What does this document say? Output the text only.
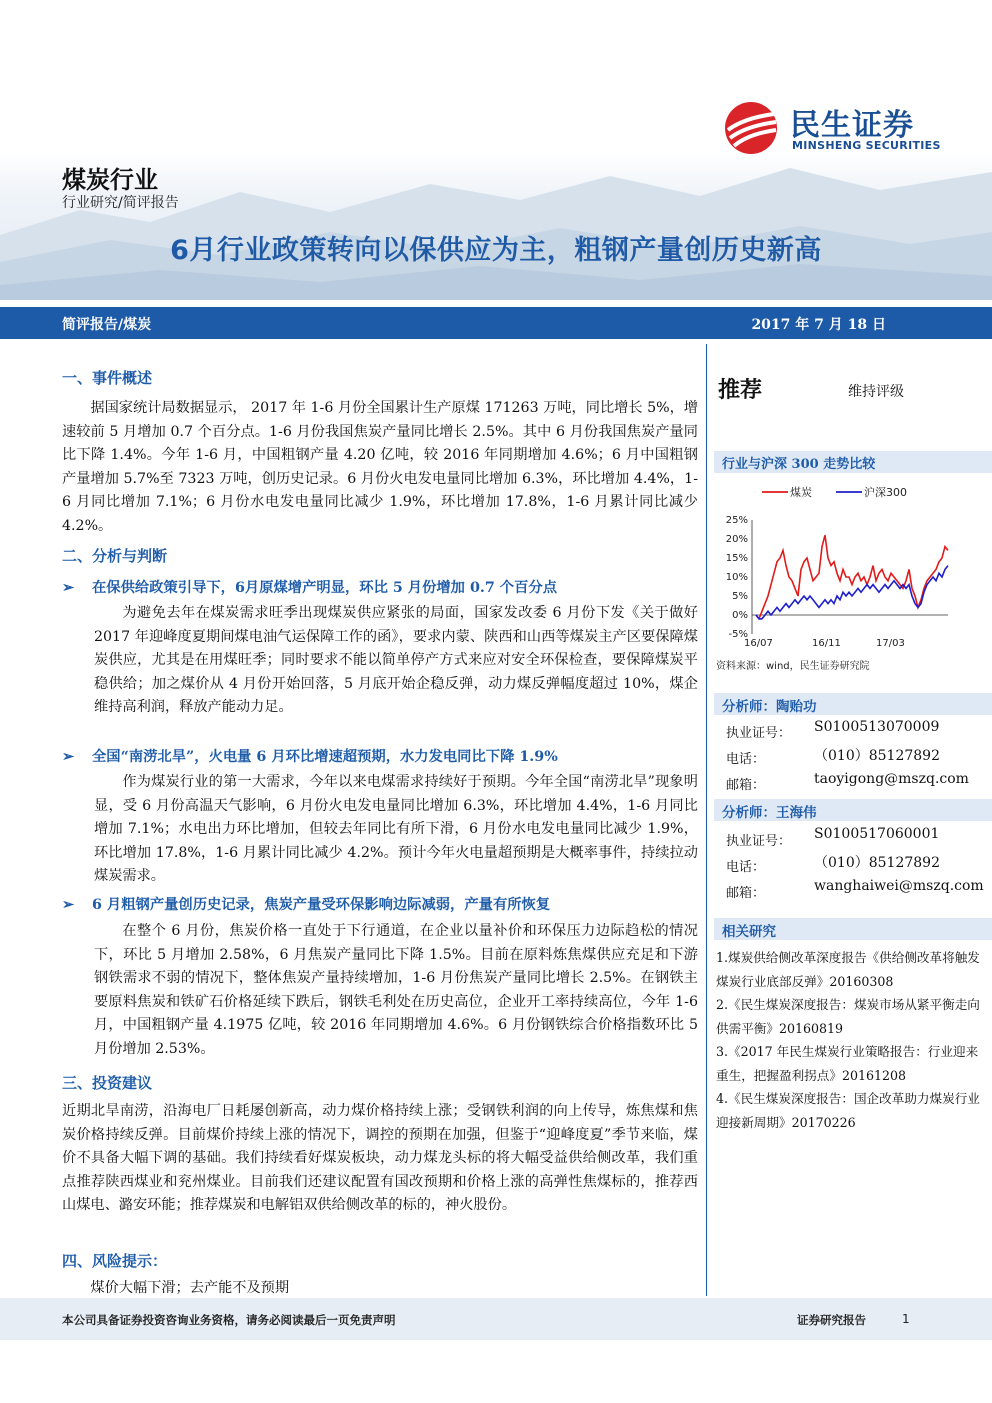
民生证券
MINSHENG SECURITIES
煤炭行业
行业研究/简评报告
6月行业政策转向以保供应为主，粗钢产量创历史新高
简评报告/煤炭	2017 年 7 月 18 日
一、事件概述
据国家统计局数据显示， 2017 年 1-6 月份全国累计生产原煤 171263 万吨，同比增长 5%，增速较前 5 月增加 0.7 个百分点。1-6 月份我国焦炭产量同比增长 2.5%。其中 6 月份我国焦炭产量同比下降 1.4%。今年 1-6 月，中国粗钢产量 4.20 亿吨，较 2016 年同期增加 4.6%；6 月中国粗钢产量增加 5.7%至 7323 万吨，创历史记录。6 月份火电发电量同比增加 6.3%，环比增加 4.4%，1-6 月同比增加 7.1%；6 月份水电发电量同比减少 1.9%，环比增加 17.8%，1-6 月累计同比减少 4.2%。
二、分析与判断
➢ 在保供给政策引导下，6月原煤增产明显，环比 5 月份增加 0.7 个百分点
为避免去年在煤炭需求旺季出现煤炭供应紧张的局面，国家发改委 6 月份下发《关于做好 2017 年迎峰度夏期间煤电油气运保障工作的函》，要求内蒙、陕西和山西等煤炭主产区要保障煤炭供应，尤其是在用煤旺季；同时要求不能以简单停产方式来应对安全环保检查，要保障煤炭平稳供给；加之煤价从 4 月份开始回落，5 月底开始企稳反弹，动力煤反弹幅度超过 10%，煤企维持高利润，释放产能动力足。
➢ 全国“南涝北旱”，火电量 6 月环比增速超预期，水力发电同比下降 1.9%
作为煤炭行业的第一大需求，今年以来电煤需求持续好于预期。今年全国“南涝北旱”现象明显，受 6 月份高温天气影响，6 月份火电发电量同比增加 6.3%，环比增加 4.4%，1-6 月同比增加 7.1%；水电出力环比增加，但较去年同比有所下滑，6 月份水电发电量同比减少 1.9%，环比增加 17.8%，1-6 月累计同比减少 4.2%。预计今年火电量超预期是大概率事件，持续拉动煤炭需求。
➢ 6 月粗钢产量创历史记录，焦炭产量受环保影响边际减弱，产量有所恢复
在整个 6 月份，焦炭价格一直处于下行通道，在企业以量补价和环保压力边际趋松的情况下，环比 5 月增加 2.58%，6 月焦炭产量同比下降 1.5%。目前在原料炼焦煤供应充足和下游钢铁需求不弱的情况下，整体焦炭产量持续增加，1-6 月份焦炭产量同比增长 2.5%。在钢铁主要原料焦炭和铁矿石价格延续下跌后，钢铁毛利处在历史高位，企业开工率持续高位，今年 1-6 月，中国粗钢产量 4.1975 亿吨，较 2016 年同期增加 4.6%。6 月份钢铁综合价格指数环比 5 月份增加 2.53%。
三、投资建议
近期北旱南涝，沿海电厂日耗屡创新高，动力煤价格持续上涨；受钢铁利润的向上传导，炼焦煤和焦炭价格持续反弹。目前煤价持续上涨的情况下，调控的预期在加强，但鉴于“迎峰度夏”季节来临，煤价不具备大幅下调的基础。我们持续看好煤炭板块，动力煤龙头标的将大幅受益供给侧改革，我们重点推荐陕西煤业和兖州煤业。目前我们还建议配置有国改预期和价格上涨的高弹性焦煤标的，推荐西山煤电、潞安环能；推荐煤炭和电解铝双供给侧改革的标的，神火股份。
四、风险提示：
煤价大幅下滑；去产能不及预期
推荐	维持评级
行业与沪深 300 走势比较
煤炭	沪深300
-5%
0%
5%
10%
15%
20%
25%
16/07	16/11	17/03
资料来源：wind，民生证券研究院
分析师：陶贻功
执业证号： S0100513070009
电话：	（010）85127892
邮箱：	taoyigong@mszq.com
分析师：王海伟
执业证号： S0100517060001
电话：	（010）85127892
邮箱：	wanghaiwei@mszq.com
相关研究
1.煤炭供给侧改革深度报告《供给侧改革将触发煤炭行业底部反弹》20160308
2.《民生煤炭深度报告：煤炭市场从紧平衡走向供需平衡》20160819
3.《2017 年民生煤炭行业策略报告：行业迎来重生，把握盈利拐点》20161208
4.《民生煤炭深度报告：国企改革助力煤炭行业迎接新周期》20170226
本公司具备证券投资咨询业务资格，请务必阅读最后一页免责声明	证券研究报告	1
